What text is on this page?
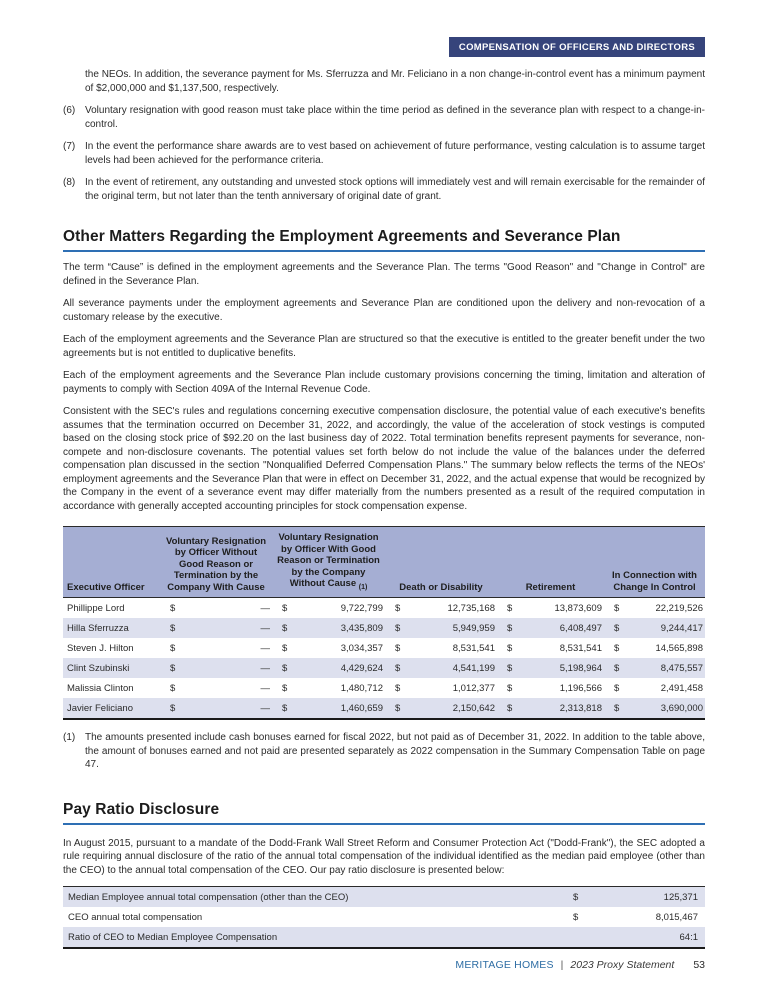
COMPENSATION OF OFFICERS AND DIRECTORS
the NEOs. In addition, the severance payment for Ms. Sferruzza and Mr. Feliciano in a non change-in-control event has a minimum payment of $2,000,000 and $1,137,500, respectively.
(6) Voluntary resignation with good reason must take place within the time period as defined in the severance plan with respect to a change-in-control.
(7) In the event the performance share awards are to vest based on achievement of future performance, vesting calculation is to assume target levels had been achieved for the performance criteria.
(8) In the event of retirement, any outstanding and unvested stock options will immediately vest and will remain exercisable for the remainder of the original term, but not later than the tenth anniversary of original date of grant.
Other Matters Regarding the Employment Agreements and Severance Plan

The term “Cause” is defined in the employment agreements and the Severance Plan. The terms "Good Reason" and "Change in Control" are defined in the Severance Plan.

All severance payments under the employment agreements and Severance Plan are conditioned upon the delivery and non-revocation of a customary release by the executive.

Each of the employment agreements and the Severance Plan are structured so that the executive is entitled to the greater benefit under the two agreements but is not entitled to duplicative benefits.

Each of the employment agreements and the Severance Plan include customary provisions concerning the timing, limitation and alteration of payments to comply with Section 409A of the Internal Revenue Code.

Consistent with the SEC's rules and regulations concerning executive compensation disclosure, the potential value of each executive's benefits assumes that the termination occurred on December 31, 2022, and accordingly, the value of the acceleration of stock vestings is computed based on the closing stock price of $92.20 on the last business day of 2022. Total termination benefits represent payments for severance, non-compete and non-disclosure covenants. The potential values set forth below do not include the value of the balances under the deferred compensation plan discussed in the section "Nonqualified Deferred Compensation Plans." The summary below reflects the terms of the NEOs' employment agreements and the Severance Plan that were in effect on December 31, 2022, and the actual expense that would be recognized by the Company in the event of a severance event may differ materially from the numbers presented as a result of the required computation in accordance with generally accepted accounting principles for stock compensation expense.

Executive Officer	Voluntary Resignation by Officer Without Good Reason or Termination by the Company With Cause	Voluntary Resignation by Officer With Good Reason or Termination by the Company Without Cause $_{(1)}$	Death or Disability	Retirement	In Connection with Change In Control
Phillippe Lord	$ —	$ 9,722,799	$ 12,735,168	$ 13,873,609	$ 22,219,526

Hilla Sferruzza	$ —	$ 3,435,809	$ 5,949,959	$ 6,408,497	$ 9,244,417

Steven J. Hilton	$ —	$ 3,034,357	$ 8,531,541	$ 8,531,541	$ 14,565,898

Clint Szubinski	$ —	$ 4,429,624	$ 4,541,199	$ 5,198,964	$ 8,475,557

Malissia Clinton	$ —	$ 1,480,712	$ 1,012,377	$ 1,196,566	$ 2,491,458

Javier Feliciano	$ —	$ 1,460,659	$ 2,150,642	$ 2,313,818	$ 3,690,000
(1) The amounts presented include cash bonuses earned for fiscal 2022, but not paid as of December 31, 2022. In addition to the table above, the amount of bonuses earned and not paid are presented separately as 2022 compensation in the Summary Compensation Table on page 47.
Pay Ratio Disclosure

In August 2015, pursuant to a mandate of the Dodd-Frank Wall Street Reform and Consumer Protection Act ("Dodd-Frank"), the SEC adopted a rule requiring annual disclosure of the ratio of the annual total compensation of the individual identified as the median paid employee (other than the CEO) to the annual total compensation of the CEO. Our pay ratio disclosure is presented below:

Median Employee annual total compensation (other than the CEO)	$	125,371
CEO annual total compensation	$	8,015,467
Ratio of CEO to Median Employee Compensation		64:1
MERITAGE HOMES | 2023 Proxy Statement 53
